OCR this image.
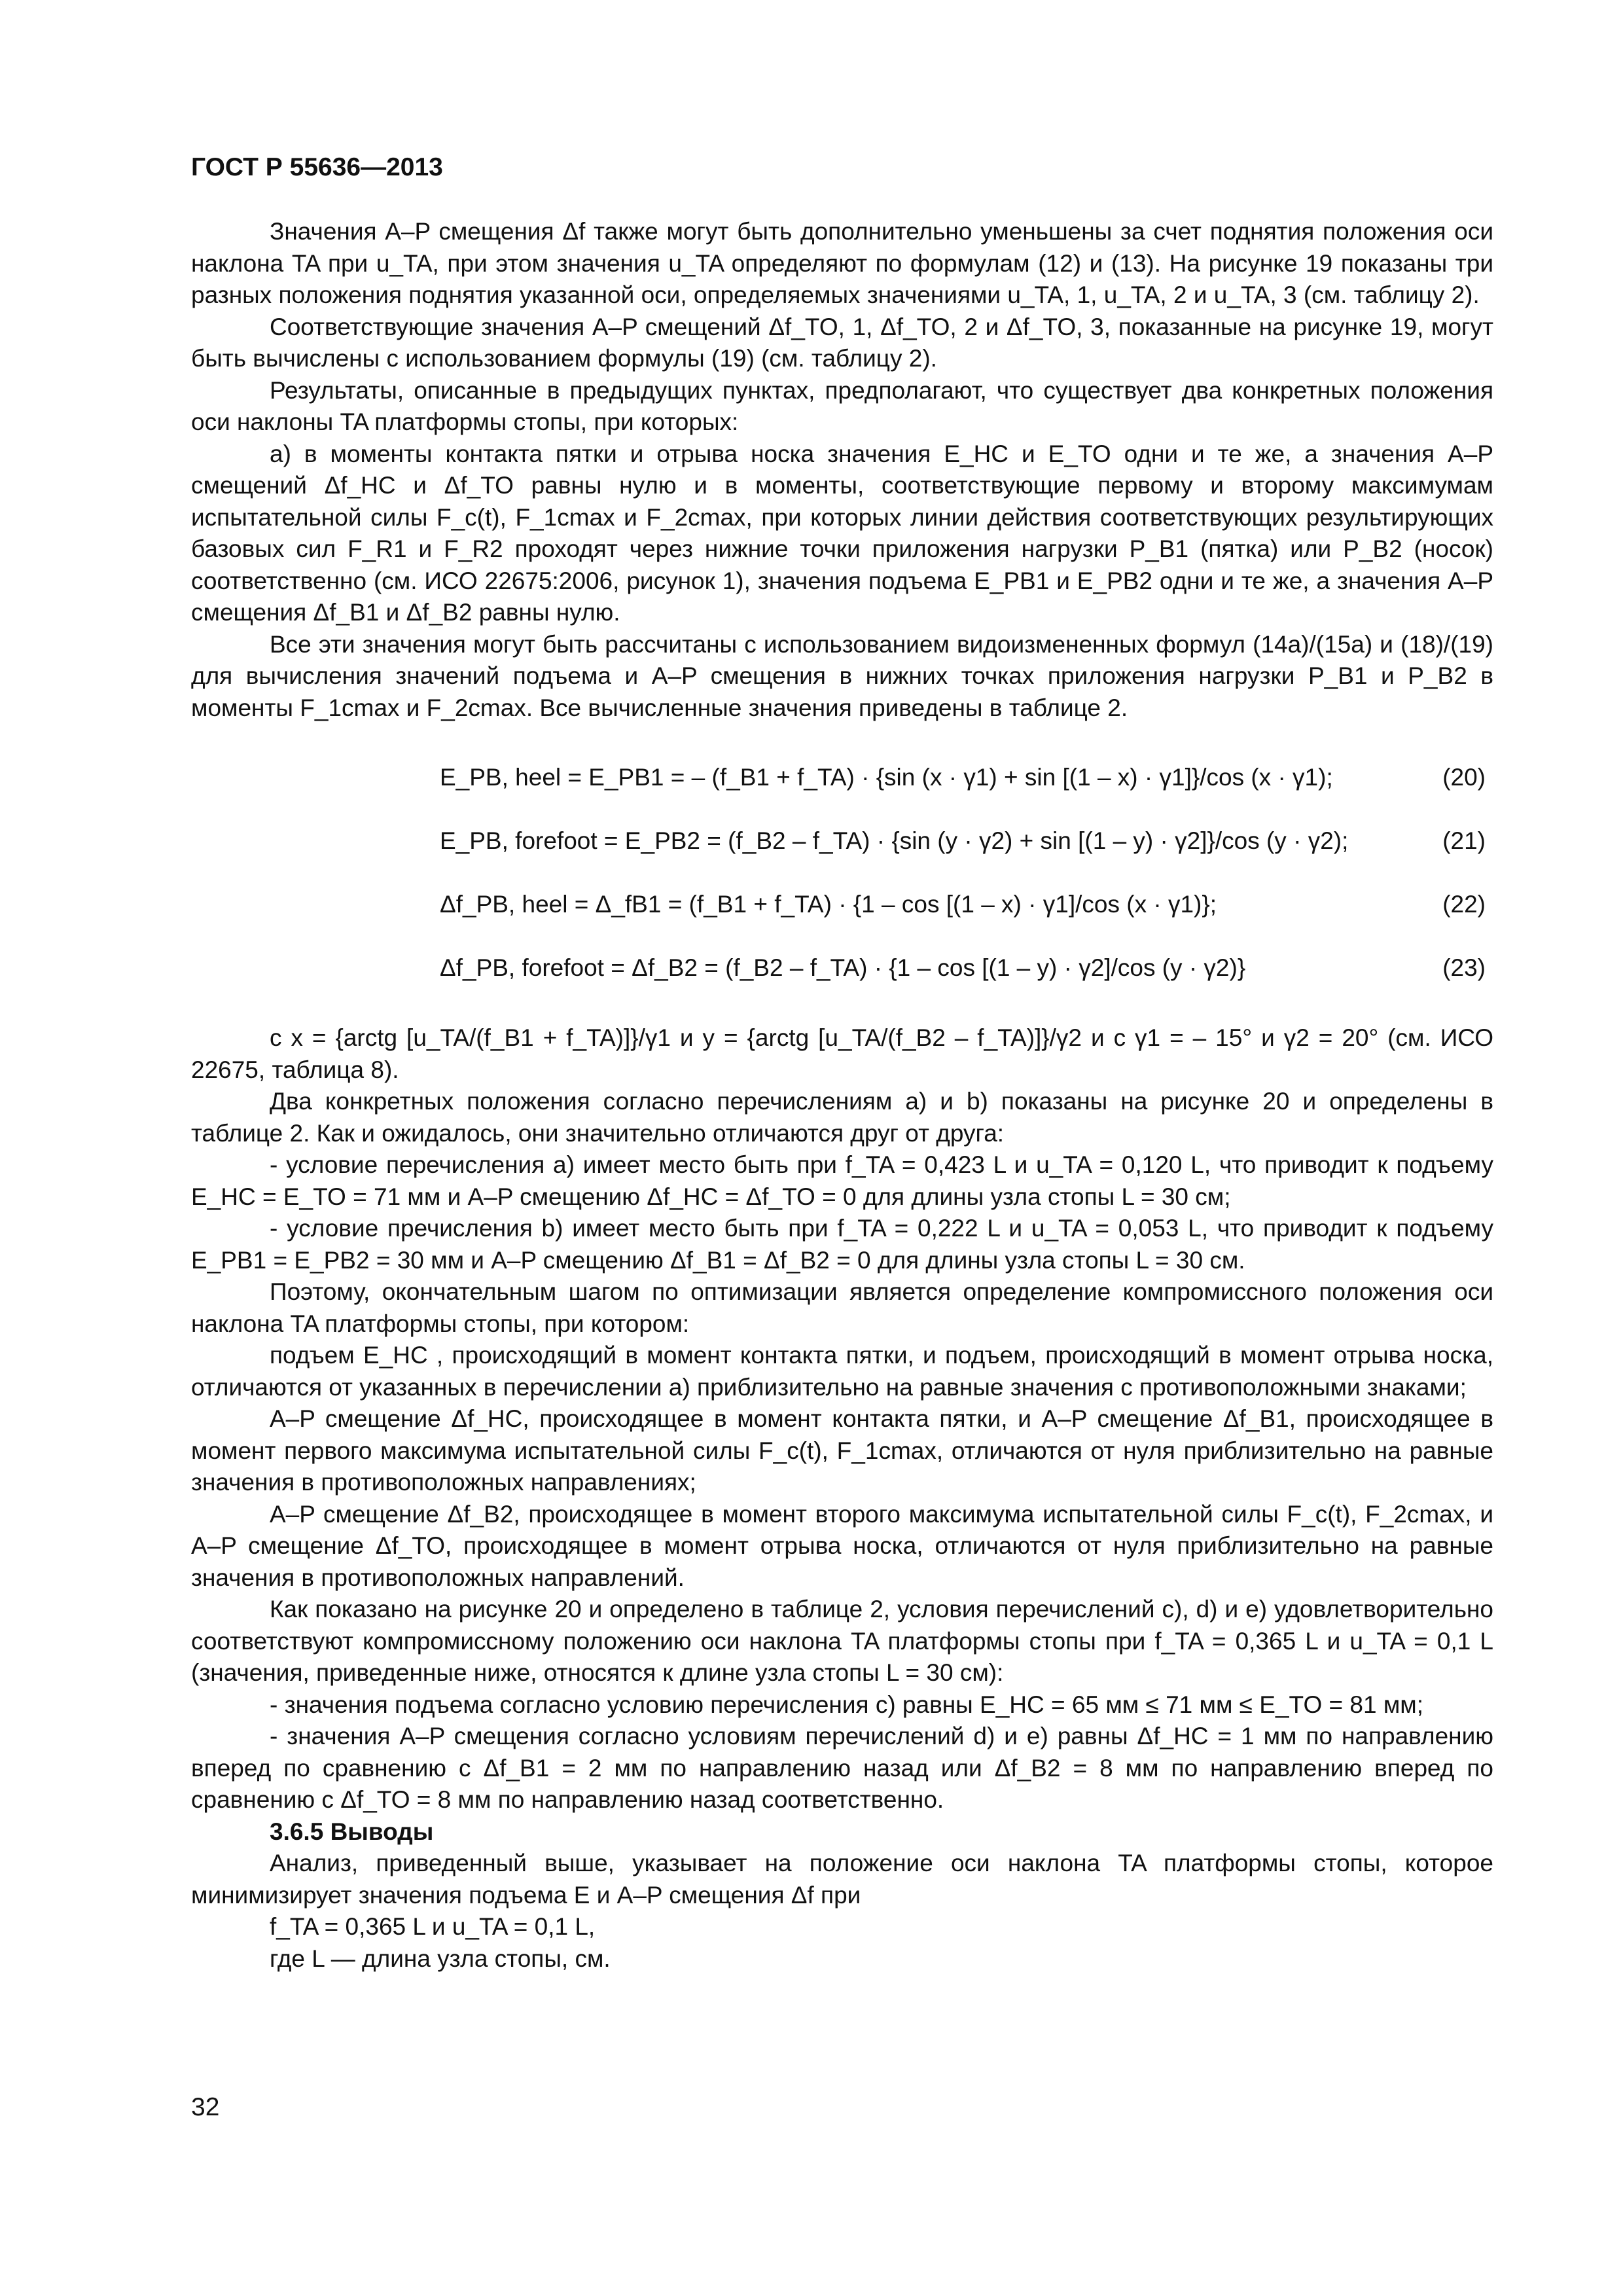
ГОСТ Р 55636—2013

Значения A–P смещения Δf также могут быть дополнительно уменьшены за счет поднятия положения оси наклона TA при u_TA, при этом значения u_TA определяют по формулам (12) и (13). На рисунке 19 показаны три разных положения поднятия указанной оси, определяемых значениями u_TA, 1, u_TA, 2 и u_TA, 3 (см. таблицу 2).

Соответствующие значения A–P смещений Δf_TO, 1, Δf_TO, 2 и Δf_TO, 3, показанные на рисунке 19, могут быть вычислены с использованием формулы (19) (см. таблицу 2).

Результаты, описанные в предыдущих пунктах, предполагают, что существует два конкретных положения оси наклоны TA платформы стопы, при которых:

а) в моменты контакта пятки и отрыва носка значения E_HC и E_TO одни и те же, а значения A–P смещений Δf_HC и Δf_TO равны нулю и в моменты, соответствующие первому и второму максимумам испытательной силы F_c(t), F_1cmax и F_2cmax, при которых линии действия соответствующих результирующих базовых сил F_R1 и F_R2 проходят через нижние точки приложения нагрузки P_B1 (пятка) или P_B2 (носок) соответственно (см. ИСО 22675:2006, рисунок 1), значения подъема E_PB1 и E_PB2 одни и те же, а значения A–P смещения Δf_B1 и Δf_B2 равны нулю.

Все эти значения могут быть рассчитаны с использованием видоизмененных формул (14а)/(15а) и (18)/(19) для вычисления значений подъема и A–P смещения в нижних точках приложения нагрузки P_B1 и P_B2 в моменты F_1cmax и F_2cmax. Все вычисленные значения приведены в таблице 2.

E_PB, heel = E_PB1 = – (f_B1 + f_TA) · {sin (x · γ1) + sin [(1 – x) · γ1]}/cos (x · γ1);	(20)
E_PB, forefoot = E_PB2 = (f_B2 – f_TA) · {sin (y · γ2) + sin [(1 – y) · γ2]}/cos (y · γ2);	(21)
Δf_PB, heel = Δ_fB1 = (f_B1 + f_TA) · {1 – cos [(1 – x) · γ1]/cos (x · γ1)};	(22)
Δf_PB, forefoot = Δf_B2 = (f_B2 – f_TA) · {1 – cos [(1 – y) · γ2]/cos (y · γ2)}	(23)

с x = {arctg [u_TA/(f_B1 + f_TA)]}/γ1 и y = {arctg [u_TA/(f_B2 – f_TA)]}/γ2 и с γ1 = – 15° и γ2 = 20° (см. ИСО 22675, таблица 8).

Два конкретных положения согласно перечислениям а) и b) показаны на рисунке 20 и определены в таблице 2. Как и ожидалось, они значительно отличаются друг от друга:

- условие перечисления а) имеет место быть при f_TA = 0,423 L и u_TA = 0,120 L, что приводит к подъему E_HC = E_TO = 71 мм и A–P смещению Δf_HC = Δf_TO = 0 для длины узла стопы L = 30 см;

- условие пречисления b) имеет место быть при f_TA = 0,222 L и u_TA = 0,053 L, что приводит к подъему E_PB1 = E_PB2 = 30 мм и A–P смещению Δf_B1 = Δf_B2 = 0 для длины узла стопы L = 30 см.

Поэтому, окончательным шагом по оптимизации является определение компромиссного положения оси наклона TA платформы стопы, при котором:

подъем E_HC , происходящий в момент контакта пятки, и подъем, происходящий в момент отрыва носка, отличаются от указанных в перечислении а) приблизительно на равные значения с противоположными знаками;

A–P смещение Δf_HC, происходящее в момент контакта пятки, и A–P смещение Δf_B1, происходящее в момент первого максимума испытательной силы F_c(t), F_1cmax, отличаются от нуля приблизительно на равные значения в противоположных направлениях;

A–P смещение Δf_B2, происходящее в момент второго максимума испытательной силы F_c(t), F_2cmax, и A–P смещение Δf_TO, происходящее в момент отрыва носка, отличаются от нуля приблизительно на равные значения в противоположных направлений.

Как показано на рисунке 20 и определено в таблице 2, условия перечислений с), d) и е) удовлетворительно соответствуют компромиссному положению оси наклона TA платформы стопы при f_TA = 0,365 L и u_TA = 0,1 L (значения, приведенные ниже, относятся к длине узла стопы L = 30 см):

- значения подъема согласно условию перечисления с) равны E_HC = 65 мм ≤ 71 мм ≤ E_TO = 81 мм;

- значения A–P смещения согласно условиям перечислений d) и е) равны Δf_HC = 1 мм по направлению вперед по сравнению с Δf_B1 = 2 мм по направлению назад или Δf_B2 = 8 мм по направлению вперед по сравнению с Δf_TO = 8 мм по направлению назад соответственно.

3.6.5 Выводы

Анализ, приведенный выше, указывает на положение оси наклона TA платформы стопы, которое минимизирует значения подъема E и A–P смещения Δf при

f_TA = 0,365 L и u_TA = 0,1 L,

где L — длина узла стопы, см.

32
